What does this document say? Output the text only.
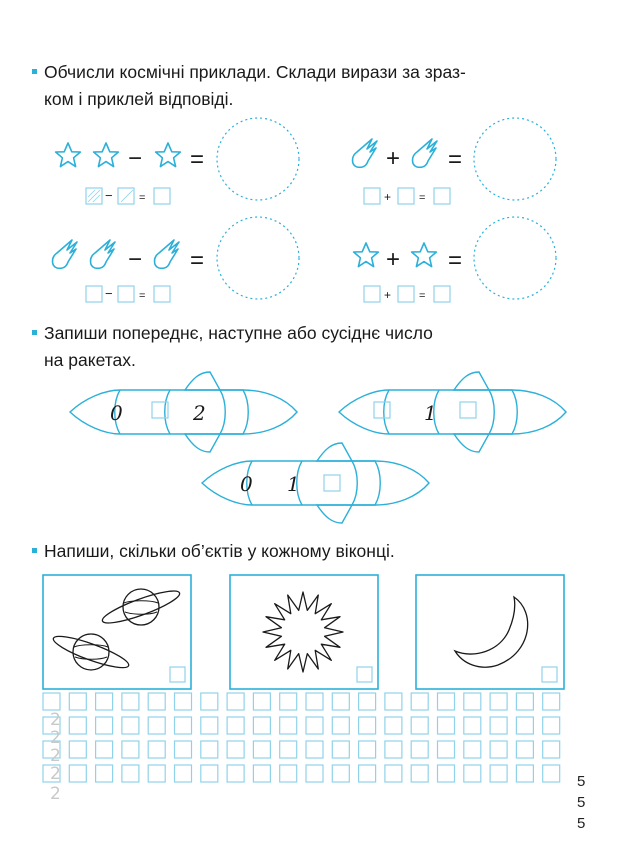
Обчисли космічні приклади. Склади вирази за зраз-
ком і приклей відповіді.
Запиши попереднє, наступне або сусіднє число
на ракетах.
Напиши, скільки об’єктів у кожному віконці.
− =
− =
+ =
+	=
− =
− =
+ =
+	=
0	2	1
0 1
2
2
2
2
2
5
5
5
